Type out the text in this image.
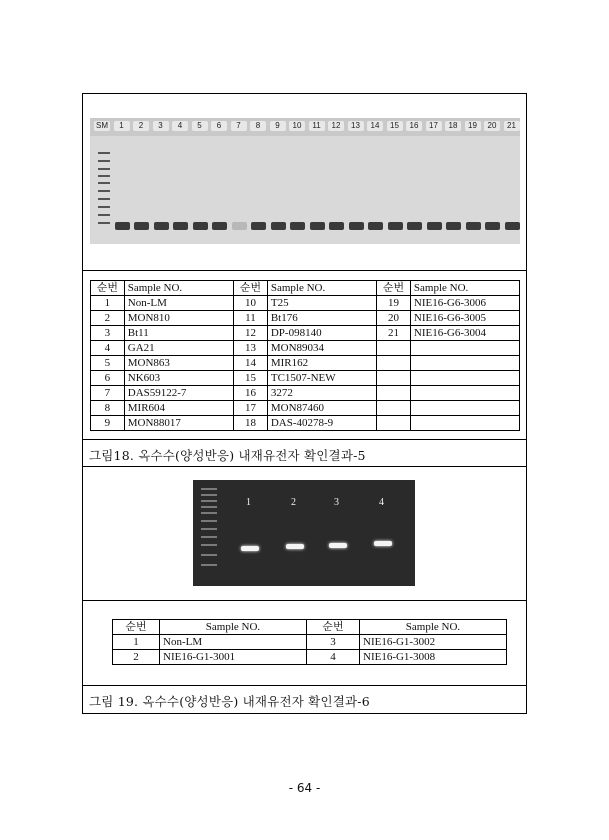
SM	1	2	3	4	5	6	7	8	9	10	11	12	13	14	15	16	17	18	19	20	21
순번	Sample NO.	순번	Sample NO.	순번	Sample NO.
1	Non-LM	10	T25	19	NIE16-G6-3006
2	MON810	11	Bt176	20	NIE16-G6-3005
3	Bt11	12	DP-098140	21	NIE16-G6-3004
4	GA21	13	MON89034		
5	MON863	14	MIR162		
6	NK603	15	TC1507-NEW		
7	DAS59122-7	16	3272		
8	MIR604	17	MON87460		
9	MON88017	18	DAS-40278-9		
그림18. 옥수수(양성반응) 내재유전자 확인결과-5
1	2	3	4
순번	Sample NO.	순번	Sample NO.
1	Non-LM	3	NIE16-G1-3002
2	NIE16-G1-3001	4	NIE16-G1-3008
그림 19. 옥수수(양성반응) 내재유전자 확인결과-6
- 64 -
